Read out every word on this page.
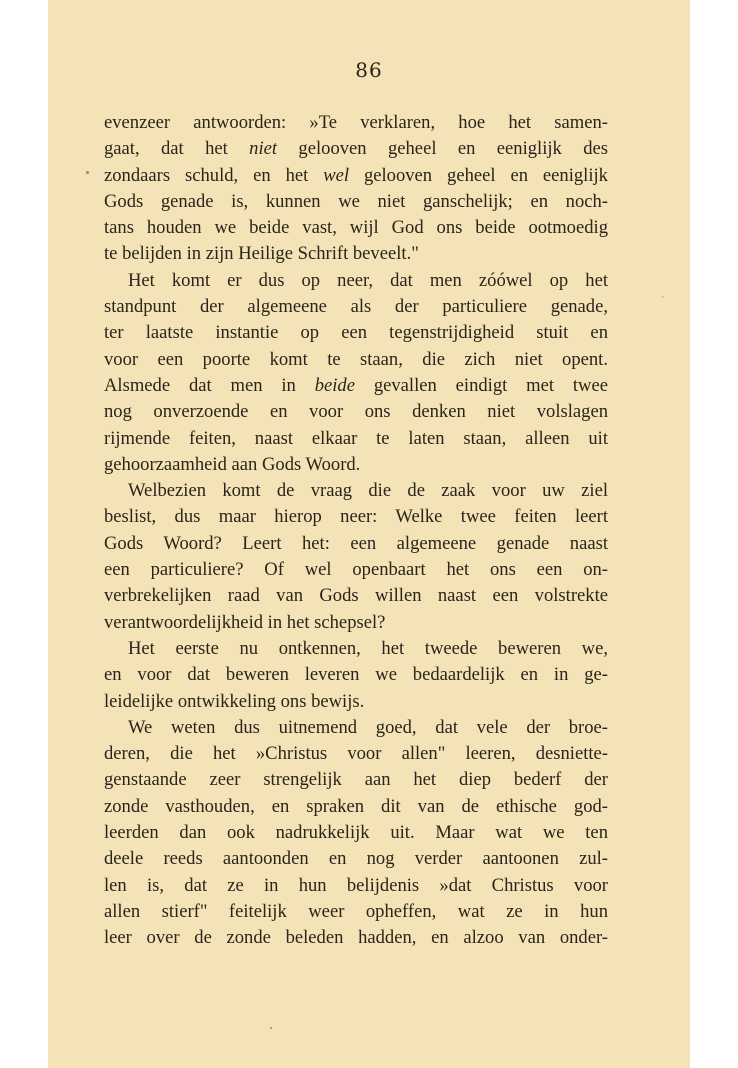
86
evenzeer antwoorden: »Te verklaren, hoe het samen-
gaat, dat het niet gelooven geheel en eeniglijk des
zondaars schuld, en het wel gelooven geheel en eeniglijk
Gods genade is, kunnen we niet ganschelijk; en noch-
tans houden we beide vast, wijl God ons beide ootmoedig
te belijden in zijn Heilige Schrift beveelt."
Het komt er dus op neer, dat men zóówel op het
standpunt der algemeene als der particuliere genade,
ter laatste instantie op een tegenstrijdigheid stuit en
voor een poorte komt te staan, die zich niet opent.
Alsmede dat men in beide gevallen eindigt met twee
nog onverzoende en voor ons denken niet volslagen
rijmende feiten, naast elkaar te laten staan, alleen uit
gehoorzaamheid aan Gods Woord.
Welbezien komt de vraag die de zaak voor uw ziel
beslist, dus maar hierop neer: Welke twee feiten leert
Gods Woord? Leert het: een algemeene genade naast
een particuliere? Of wel openbaart het ons een on-
verbrekelijken raad van Gods willen naast een volstrekte
verantwoordelijkheid in het schepsel?
Het eerste nu ontkennen, het tweede beweren we,
en voor dat beweren leveren we bedaardelijk en in ge-
leidelijke ontwikkeling ons bewijs.
We weten dus uitnemend goed, dat vele der broe-
deren, die het »Christus voor allen" leeren, desniette-
genstaande zeer strengelijk aan het diep bederf der
zonde vasthouden, en spraken dit van de ethische god-
leerden dan ook nadrukkelijk uit. Maar wat we ten
deele reeds aantoonden en nog verder aantoonen zul-
len is, dat ze in hun belijdenis »dat Christus voor
allen stierf" feitelijk weer opheffen, wat ze in hun
leer over de zonde beleden hadden, en alzoo van onder-
